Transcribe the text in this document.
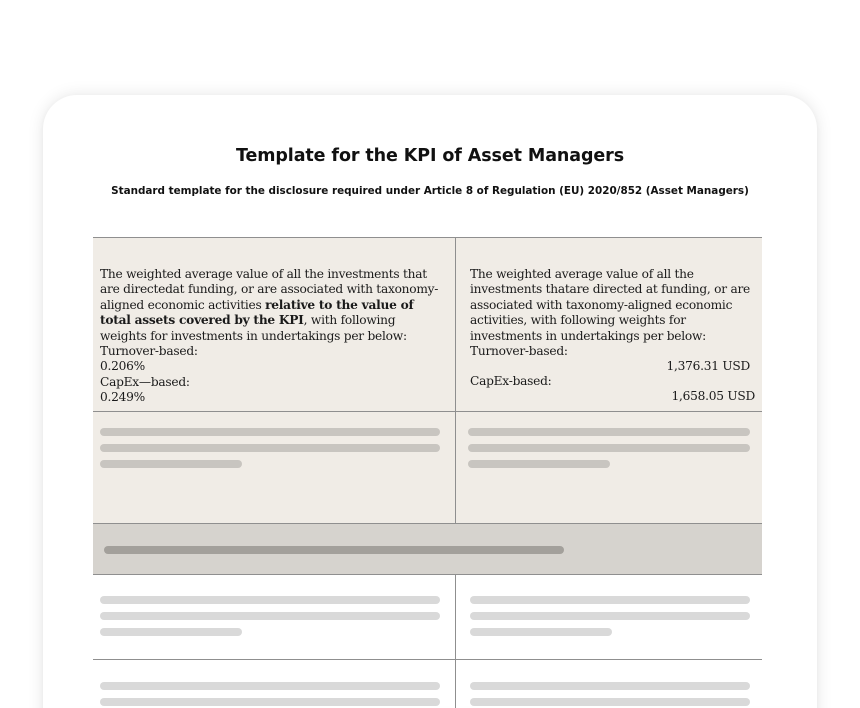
Template for the KPI of Asset Managers
Standard template for the disclosure required under Article 8 of Regulation (EU) 2020/852 (Asset Managers)
The weighted average value of all the investments that are directedat funding, or are associated with taxonomy-aligned economic activities relative to the value of total assets covered by the KPI, with following weights for investments in undertakings per below:
Turnover-based:
0.206%
CapEx—based:
0.249%
The weighted average value of all the investments thatare directed at funding, or are associated with taxonomy-aligned economic activities, with following weights for investments in undertakings per below:
Turnover-based:
1,376.31 USD
CapEx-based:
1,658.05 USD
